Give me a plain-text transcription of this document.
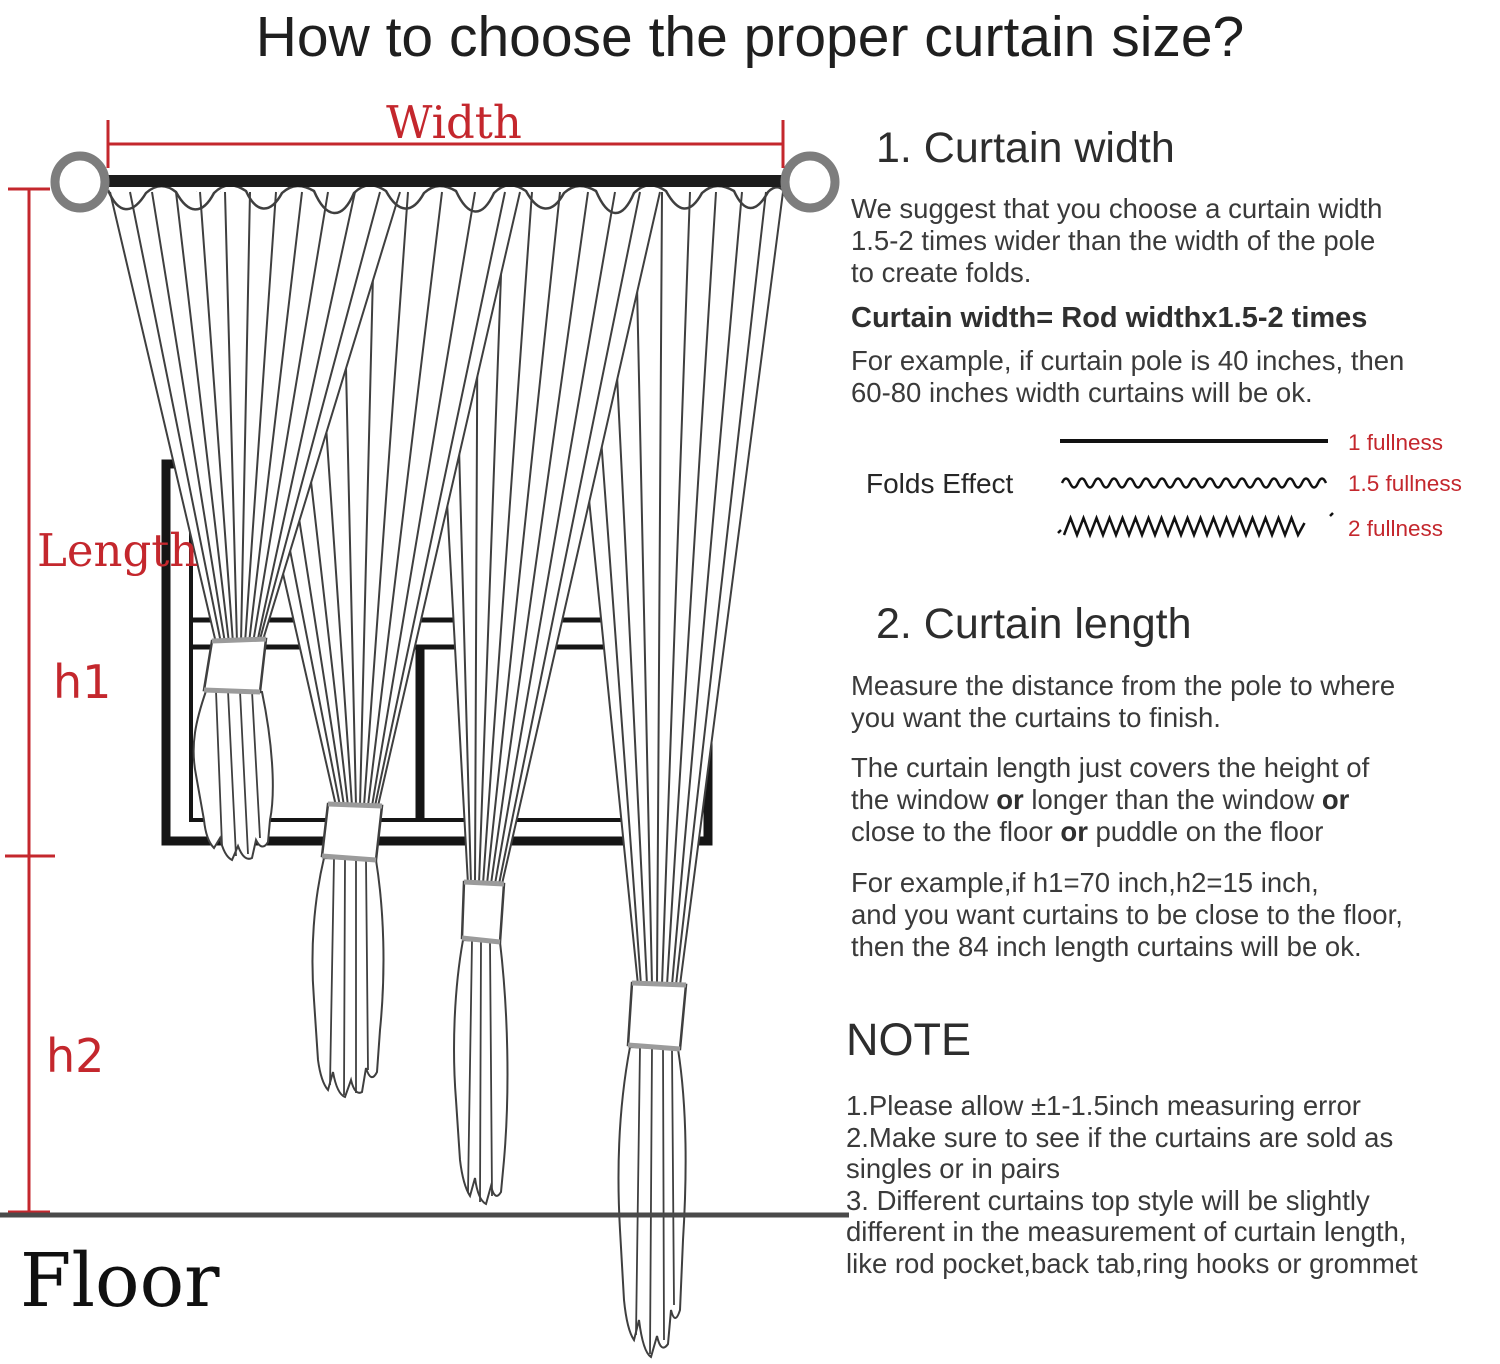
How to choose the proper curtain size?
Width
Length
h1
h2
Floor
1. Curtain width
We suggest that you choose a curtain width
1.5-2 times wider than the width of the pole
to create folds.
Curtain width= Rod widthx1.5-2 times
For example, if curtain pole is 40 inches, then
60-80 inches width curtains will be ok.
Folds Effect
1 fullness
1.5 fullness
2 fullness
2. Curtain length
Measure the distance from the pole to where
you want the curtains to finish.
The curtain length just covers the height of
the window or longer than the window or
close to the floor or puddle on the floor
For example,if h1=70 inch,h2=15 inch,
and you want curtains to be close to the floor,
then the 84 inch length curtains will be ok.
NOTE
1.Please allow ±1-1.5inch measuring error
2.Make sure to see if the curtains are sold as
singles or in pairs
3. Different curtains top style will be slightly
different in the measurement of curtain length,
like rod pocket,back tab,ring hooks or grommet
